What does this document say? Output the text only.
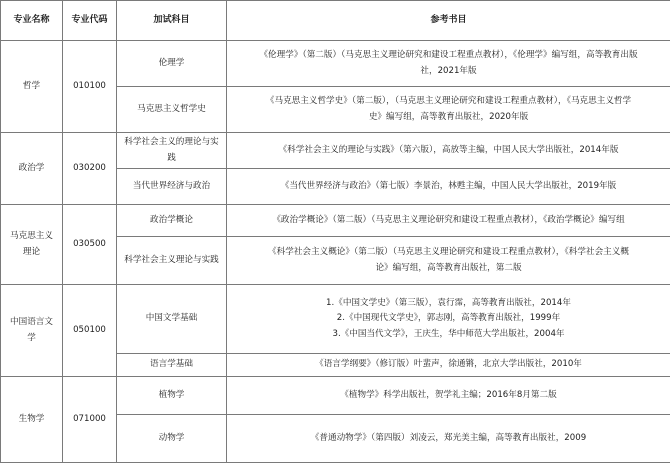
专业名称	专业代码	加试科目	参考书目
哲学	010100	伦理学	《伦理学》（第二版）（马克思主义理论研究和建设工程重点教材），《伦理学》编写组，高等教育出版
社，2021年版

		马克思主义哲学史	《马克思主义哲学史》（第二版），（马克思主义理论研究和建设工程重点教材），《马克思主义哲学
史》编写组，高等教育出版社，2020年版

政治学	030200	科学社会主义的理论与实践	《科学社会主义的理论与实践》（第六版），高放等主编，中国人民大学出版社，2014年版

		当代世界经济与政治	《当代世界经济与政治》（第七版）李景治，林甦主编，中国人民大学出版社，2019年版

马克思主义理论	030500	政治学概论	《政治学概论》（第二版）（马克思主义理论研究和建设工程重点教材），《政治学概论》编写组

		科学社会主义理论与实践	《科学社会主义概论》（第二版）（马克思主义理论研究和建设工程重点教材），《科学社会主义概
论》编写组，高等教育出版社，第二版

中国语言文学	050100	中国文学基础	1.《中国文学史》（第三版），袁行霈，高等教育出版社，2014年
2.《中国现代文学史》，郭志刚，高等教育出版社，1999年
3.《中国当代文学》，王庆生，华中师范大学出版社，2004年

		语言学基础	《语言学纲要》（修订版）叶蜚声，徐通锵，北京大学出版社，2010年

生物学	071000	植物学	《植物学》科学出版社，贺学礼主编；2016年8月第二版

		动物学	《普通动物学》（第四版）刘凌云，郑光美主编，高等教育出版社，2009
